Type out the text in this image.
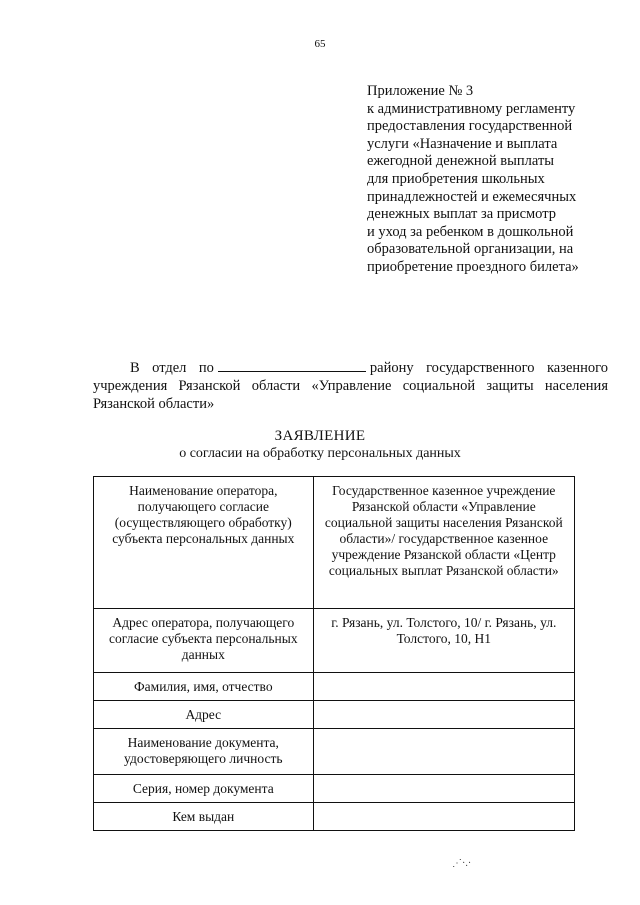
65
Приложение № 3
к административному регламенту
предоставления государственной
услуги «Назначение и выплата
ежегодной денежной выплаты
для приобретения школьных
принадлежностей и ежемесячных
денежных выплат за присмотр
и уход за ребенком в дошкольной
образовательной организации, на
приобретение проездного билета»
В отдел по	району государственного казенного учреждения Рязанской области «Управление социальной защиты населения Рязанской области»
ЗАЯВЛЕНИЕ
о согласии на обработку персональных данных
Наименование оператора, получающего согласие (осуществляющего обработку) субъекта персональных данных	Государственное казенное учреждение Рязанской области «Управление социальной защиты населения Рязанской области»/ государственное казенное учреждение Рязанской области «Центр социальных выплат Рязанской области»
Адрес оператора, получающего согласие субъекта персональных данных	г. Рязань, ул. Толстого, 10/ г. Рязань, ул. Толстого, 10, Н1
Фамилия, имя, отчество	
Адрес	
Наименование документа, удостоверяющего личность	
Серия, номер документа	
Кем выдан	
⋰·.·
